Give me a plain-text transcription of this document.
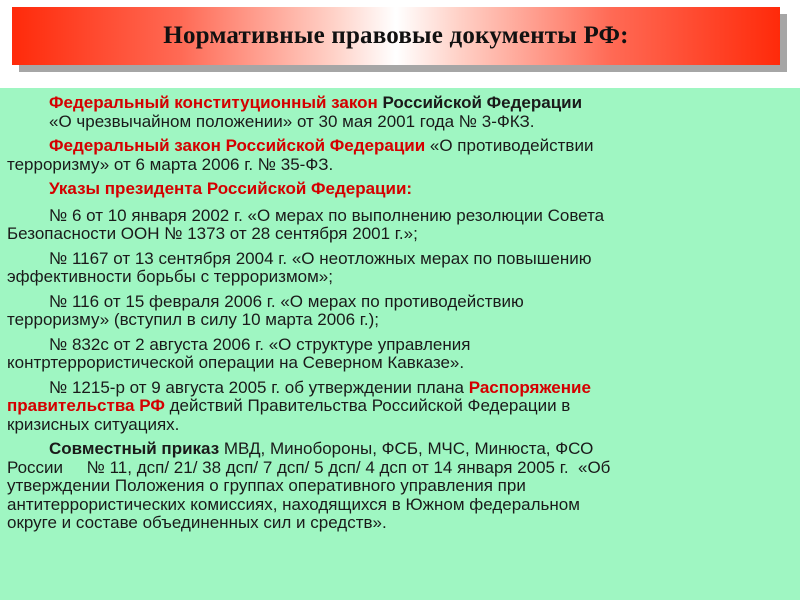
Нормативные правовые документы РФ:
Федеральный конституционный закон Российской Федерации
«О чрезвычайном положении» от 30 мая 2001 года № 3-ФКЗ.
Федеральный закон Российской Федерации «О противодействии
терроризму» от 6 марта 2006 г. № 35-ФЗ.
Указы президента Российской Федерации:
№ 6 от 10 января 2002 г. «О мерах по выполнению резолюции Совета
Безопасности ООН № 1373 от 28 сентября 2001 г.»;
№ 1167 от 13 сентября 2004 г. «О неотложных мерах по повышению
эффективности борьбы с терроризмом»;
№ 116 от 15 февраля 2006 г. «О мерах по противодействию
терроризму» (вступил в силу 10 марта 2006 г.);
№ 832с от 2 августа 2006 г. «О структуре управления
контртеррористической операции на Северном Кавказе».
№ 1215-р от 9 августа 2005 г. об утверждении плана Распоряжение
правительства РФ действий Правительства Российской Федерации в
кризисных ситуациях.
Совместный приказ МВД, Минобороны, ФСБ, МЧС, Минюста, ФСО
России     № 11, дсп/ 21/ 38 дсп/ 7 дсп/ 5 дсп/ 4 дсп от 14 января 2005 г.  «Об
утверждении Положения о группах оперативного управления при
антитеррористических комиссиях, находящихся в Южном федеральном
округе и составе объединенных сил и средств».
